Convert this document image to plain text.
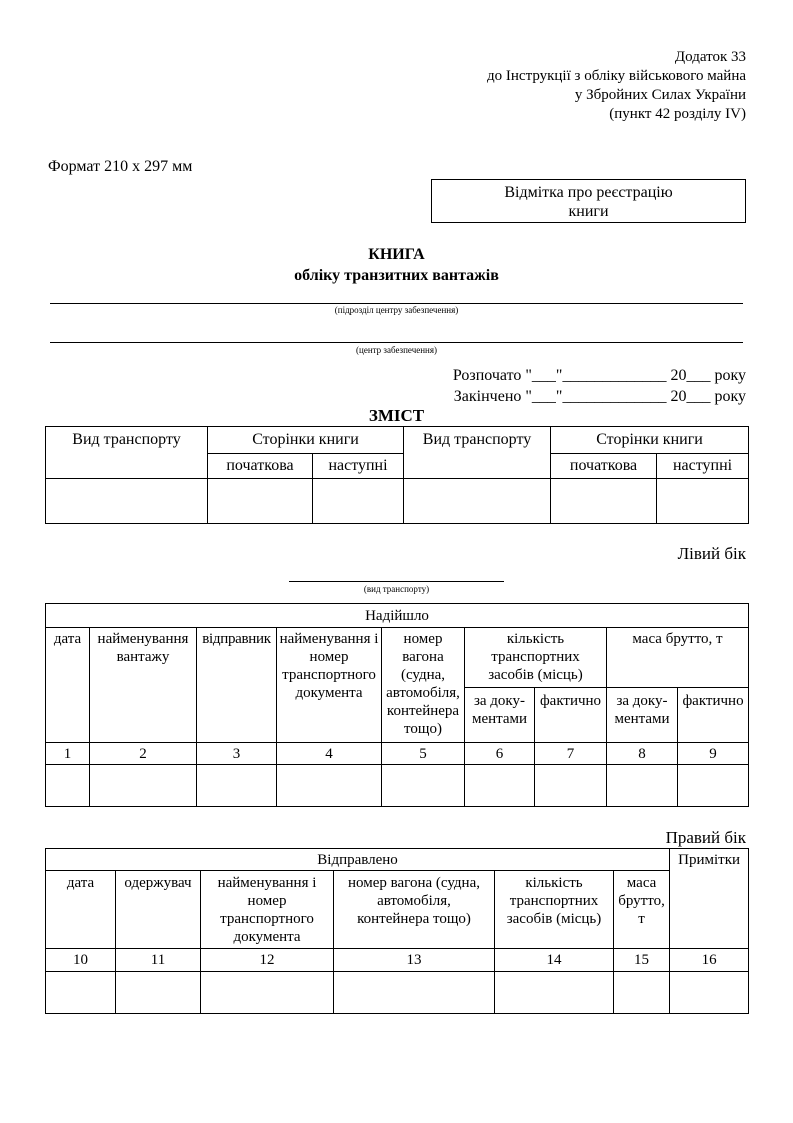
Додаток 33
до Інструкції з обліку військового майна
у Збройних Силах України
(пункт 42 розділу IV)
Формат 210 х 297 мм
Відмітка про реєстрацію
книги
КНИГА
обліку транзитних вантажів
(підрозділ центру забезпечення)
(центр забезпечення)
Розпочато "___"_____________ 20___ року
Закінчено "___"_____________ 20___ року
ЗМІСТ
Вид транспорту	Сторінки книги		Вид транспорту	Сторінки книги	
	початкова	наступні		початкова	наступні

Лівий бік
(вид транспорту)
Надійшло								
дата	найменування вантажу	відправник	найменування і номер транспортного документа	номер вагона (судна, автомобіля, контейнера тощо)	кількість транспортних засобів (місць)		маса брутто, т	
					за доку-ментами	фактично	за доку-ментами	фактично
1	2	3	4	5	6	7	8	9

Правий бік
Відправлено						Примітки
дата	одержувач	найменування і номер транспортного документа	номер вагона (судна, автомобіля, контейнера тощо)	кількість транспортних засобів (місць)	маса брутто, т	
10	11	12	13	14	15	16
